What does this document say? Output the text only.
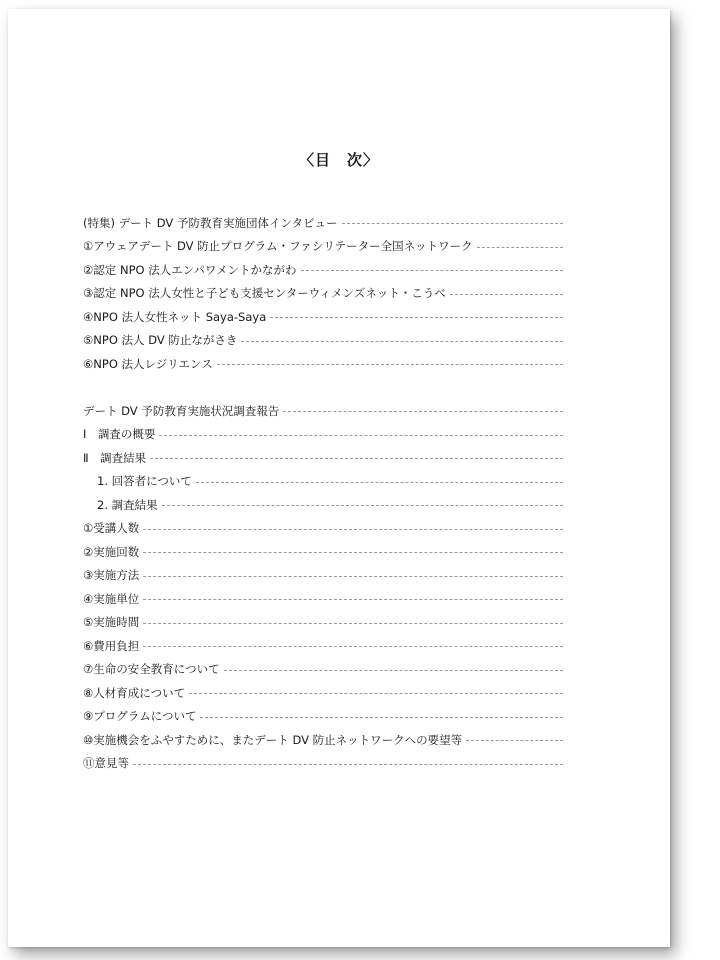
〈目　次〉
(特集) デート DV 予防教育実施団体インタビュー
①アウェアデート DV 防止プログラム・ファシリテーター全国ネットワーク
②認定 NPO 法人エンパワメントかながわ
③認定 NPO 法人女性と子ども支援センターウィメンズネット・こうべ
④NPO 法人女性ネット Saya-Saya
⑤NPO 法人 DV 防止ながさき
⑥NPO 法人レジリエンス
デート DV 予防教育実施状況調査報告
Ⅰ　調査の概要
Ⅱ　調査結果
1. 回答者について
2. 調査結果
①受講人数
②実施回数
③実施方法
④実施単位
⑤実施時間
⑥費用負担
⑦生命の安全教育について
⑧人材育成について
⑨プログラムについて
⑩実施機会をふやすために、またデート DV 防止ネットワークへの要望等
⑪意見等
